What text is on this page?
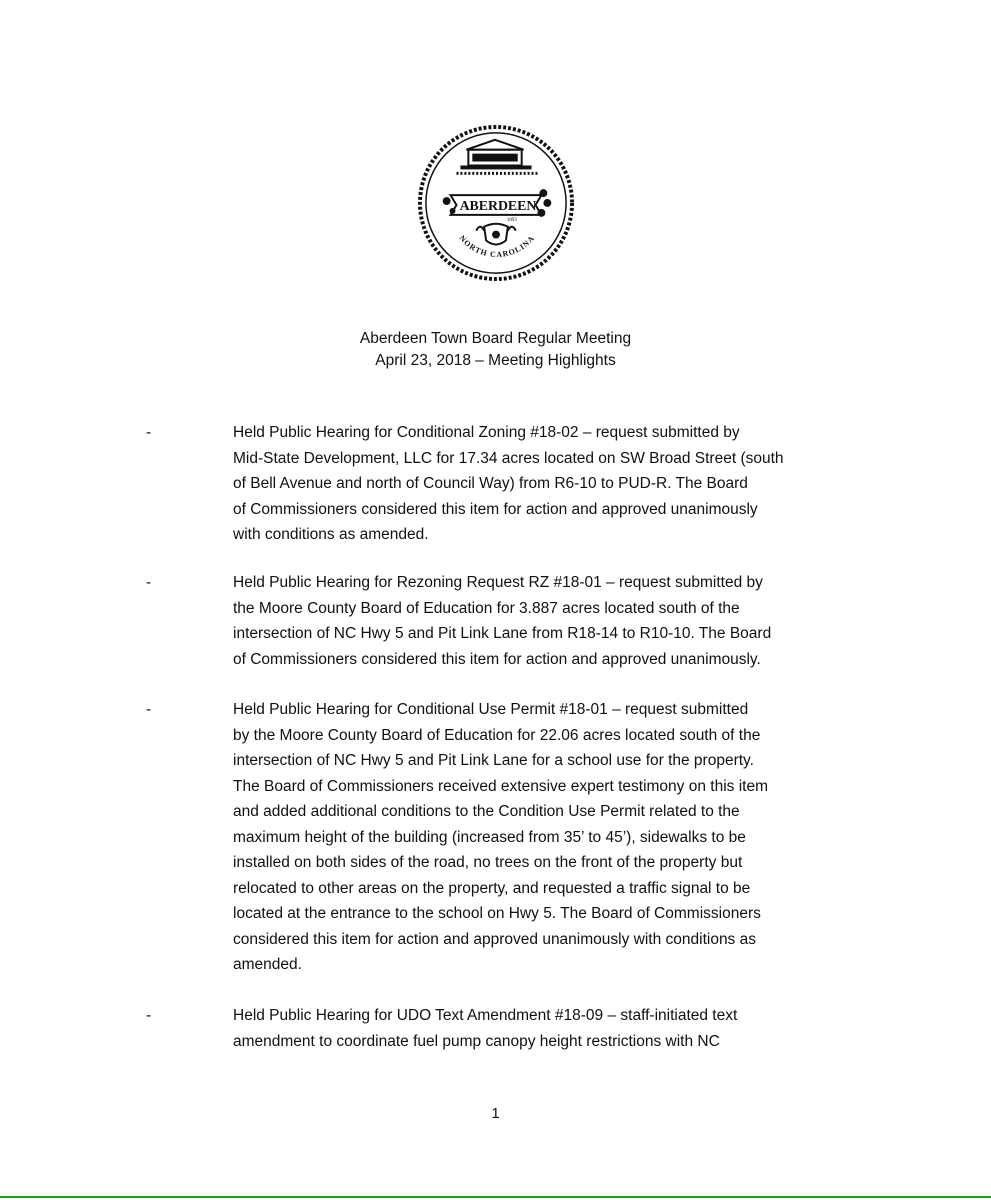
ABERDEEN
1893
NORTH CAROLINA
Aberdeen Town Board Regular Meeting
April 23, 2018 – Meeting Highlights
-	Held Public Hearing for Conditional Zoning #18-02 – request submitted by
Mid-State Development, LLC for 17.34 acres located on SW Broad Street (south
of Bell Avenue and north of Council Way) from R6-10 to PUD-R. The Board
of Commissioners considered this item for action and approved unanimously
with conditions as amended.
-	Held Public Hearing for Rezoning Request RZ #18-01 – request submitted by
the Moore County Board of Education for 3.887 acres located south of the
intersection of NC Hwy 5 and Pit Link Lane from R18-14 to R10-10. The Board
of Commissioners considered this item for action and approved unanimously.
-	Held Public Hearing for Conditional Use Permit #18-01 – request submitted
by the Moore County Board of Education for 22.06 acres located south of the
intersection of NC Hwy 5 and Pit Link Lane for a school use for the property.
The Board of Commissioners received extensive expert testimony on this item
and added additional conditions to the Condition Use Permit related to the
maximum height of the building (increased from 35’ to 45’), sidewalks to be
installed on both sides of the road, no trees on the front of the property but
relocated to other areas on the property, and requested a traffic signal to be
located at the entrance to the school on Hwy 5. The Board of Commissioners
considered this item for action and approved unanimously with conditions as
amended.
-	Held Public Hearing for UDO Text Amendment #18-09 – staff-initiated text
amendment to coordinate fuel pump canopy height restrictions with NC
1
